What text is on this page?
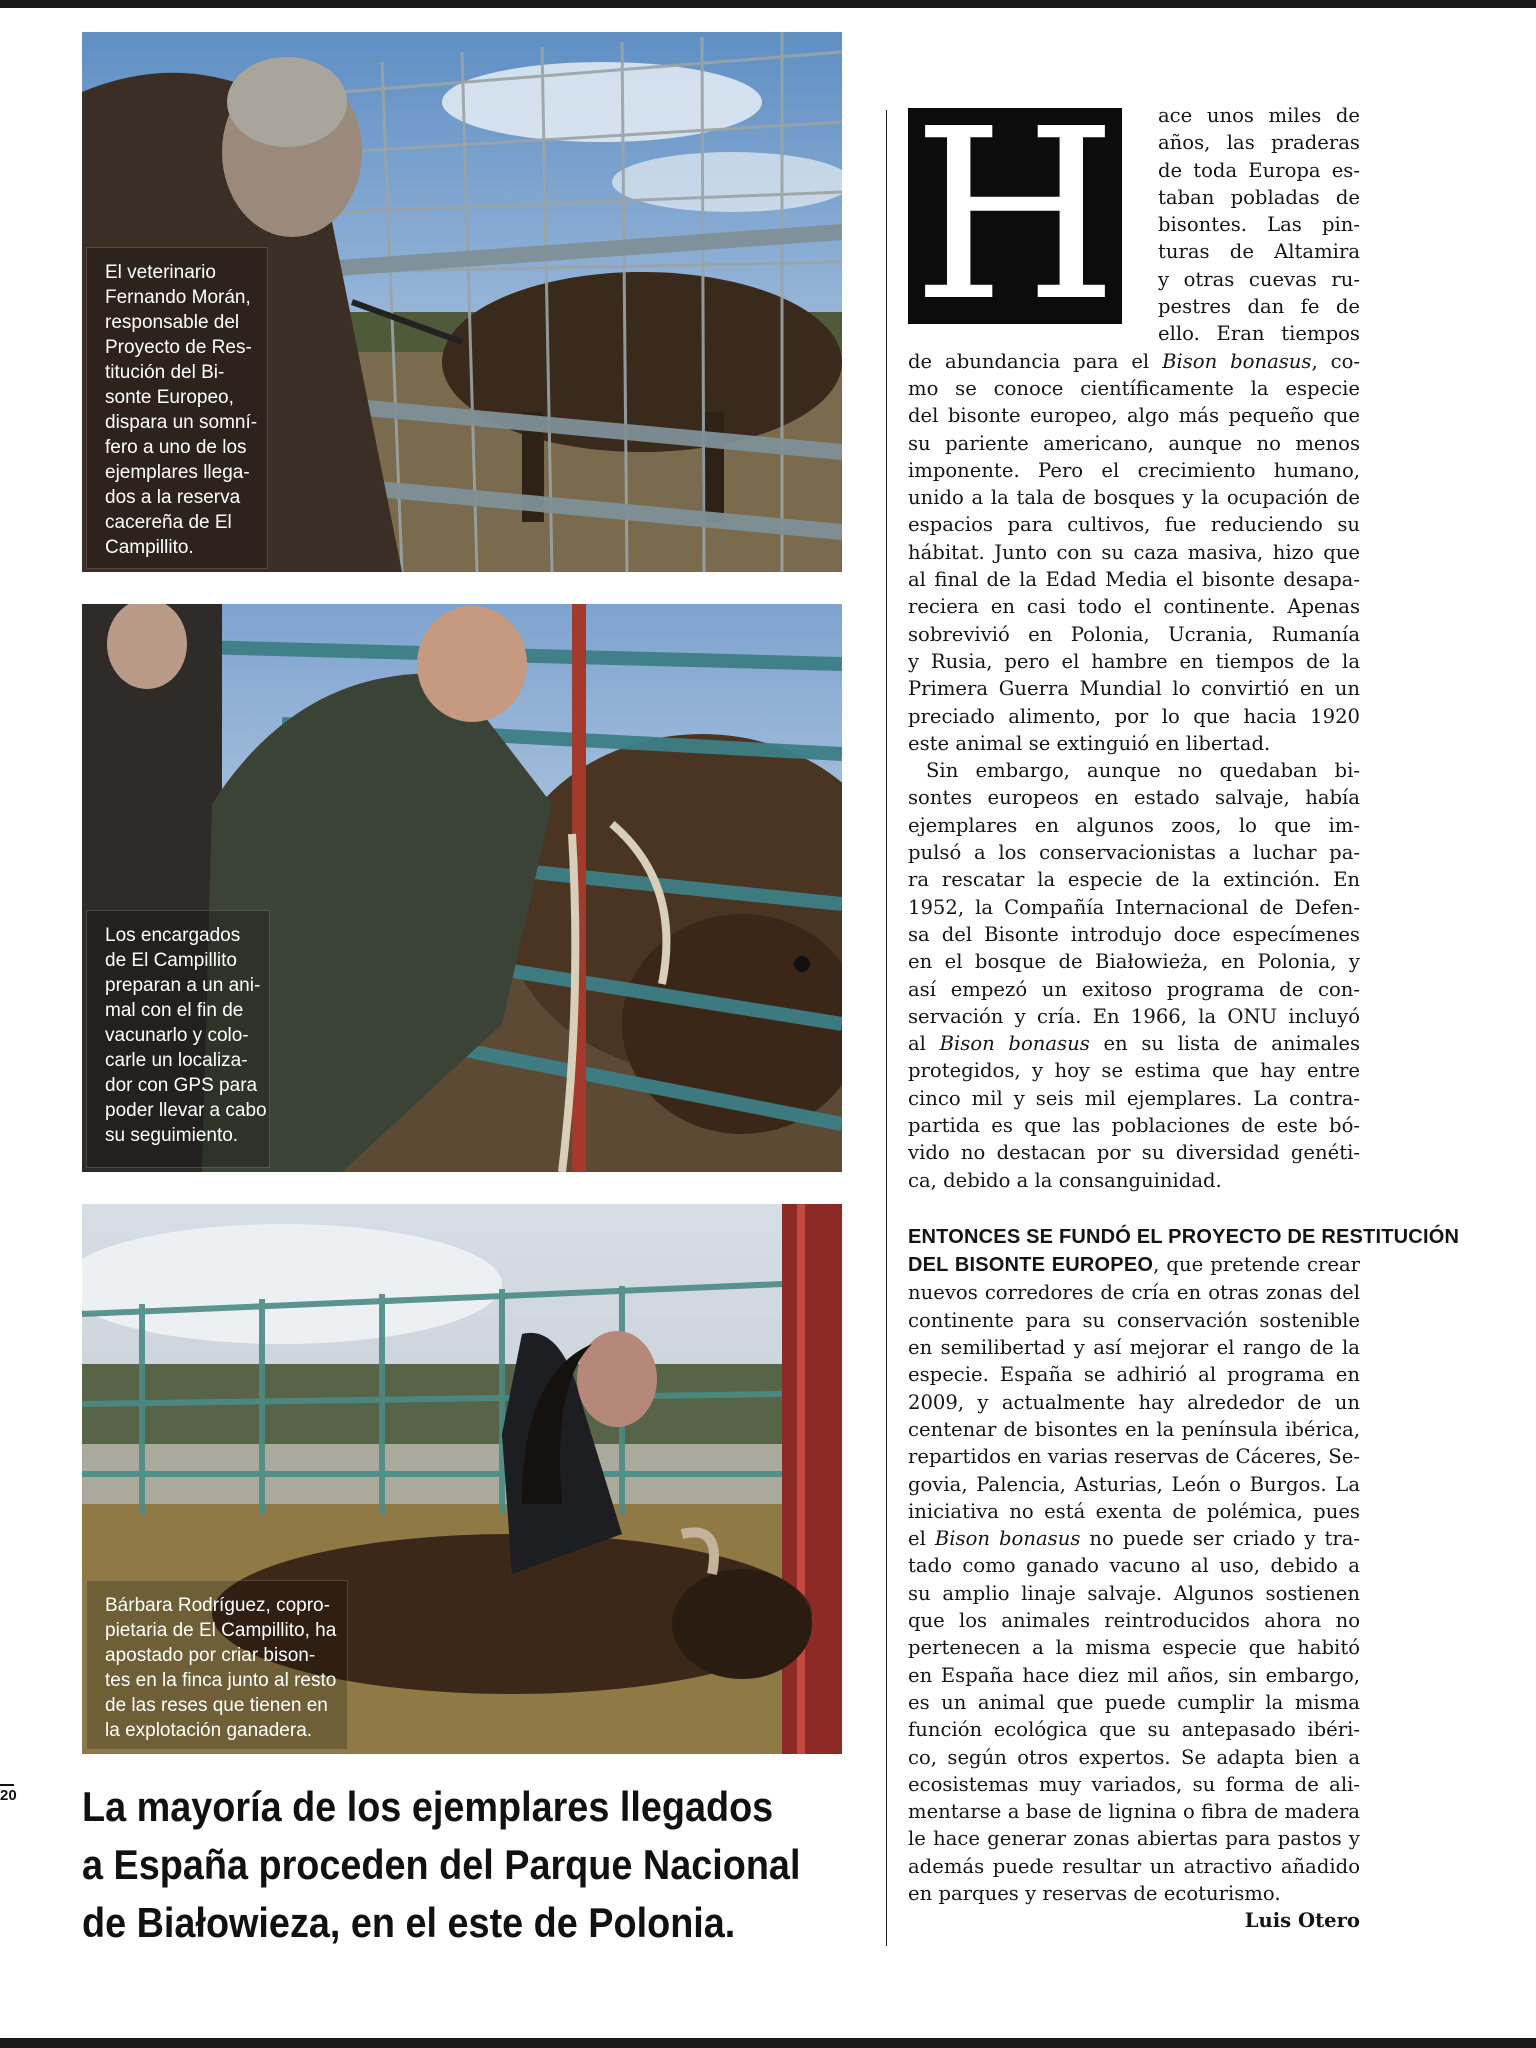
El veterinario
Fernando Morán,
responsable del
Proyecto de Res-
titución del Bi-
sonte Europeo,
dispara un somní-
fero a uno de los
ejemplares llega-
dos a la reserva
cacereña de El
Campillito.
Los encargados
de El Campillito
preparan a un ani-
mal con el fin de
vacunarlo y colo-
carle un localiza-
dor con GPS para
poder llevar a cabo
su seguimiento.
Bárbara Rodríguez, copro-
pietaria de El Campillito, ha
apostado por criar bison-
tes en la finca junto al resto
de las reses que tienen en
la explotación ganadera.
20 La mayoría de los ejemplares llegados
a España proceden del Parque Nacional
de Białowieza, en el este de Polonia.
H ace unos miles de
años, las praderas
de toda Europa es-
taban pobladas de
bisontes. Las pin-
turas de Altamira
y otras cuevas ru-
pestres dan fe de
ello. Eran tiempos
de abundancia para el Bison bonasus, co-
mo se conoce científicamente la especie
del bisonte europeo, algo más pequeño que
su pariente americano, aunque no menos
imponente. Pero el crecimiento humano,
unido a la tala de bosques y la ocupación de
espacios para cultivos, fue reduciendo su
hábitat. Junto con su caza masiva, hizo que
al final de la Edad Media el bisonte desapa-
reciera en casi todo el continente. Apenas
sobrevivió en Polonia, Ucrania, Rumanía
y Rusia, pero el hambre en tiempos de la
Primera Guerra Mundial lo convirtió en un
preciado alimento, por lo que hacia 1920
este animal se extinguió en libertad.
Sin embargo, aunque no quedaban bi-
sontes europeos en estado salvaje, había
ejemplares en algunos zoos, lo que im-
pulsó a los conservacionistas a luchar pa-
ra rescatar la especie de la extinción. En
1952, la Compañía Internacional de Defen-
sa del Bisonte introdujo doce especímenes
en el bosque de Białowieża, en Polonia, y
así empezó un exitoso programa de con-
servación y cría. En 1966, la ONU incluyó
al Bison bonasus en su lista de animales
protegidos, y hoy se estima que hay entre
cinco mil y seis mil ejemplares. La contra-
partida es que las poblaciones de este bó-
vido no destacan por su diversidad genéti-
ca, debido a la consanguinidad.
ENTONCES SE FUNDÓ EL PROYECTO DE RESTITUCIÓN
DEL BISONTE EUROPEO, que pretende crear
nuevos corredores de cría en otras zonas del
continente para su conservación sostenible
en semilibertad y así mejorar el rango de la
especie. España se adhirió al programa en
2009, y actualmente hay alrededor de un
centenar de bisontes en la península ibérica,
repartidos en varias reservas de Cáceres, Se-
govia, Palencia, Asturias, León o Burgos. La
iniciativa no está exenta de polémica, pues
el Bison bonasus no puede ser criado y tra-
tado como ganado vacuno al uso, debido a
su amplio linaje salvaje. Algunos sostienen
que los animales reintroducidos ahora no
pertenecen a la misma especie que habitó
en España hace diez mil años, sin embargo,
es un animal que puede cumplir la misma
función ecológica que su antepasado ibéri-
co, según otros expertos. Se adapta bien a
ecosistemas muy variados, su forma de ali-
mentarse a base de lignina o fibra de madera
le hace generar zonas abiertas para pastos y
además puede resultar un atractivo añadido
en parques y reservas de ecoturismo.
Luis Otero
